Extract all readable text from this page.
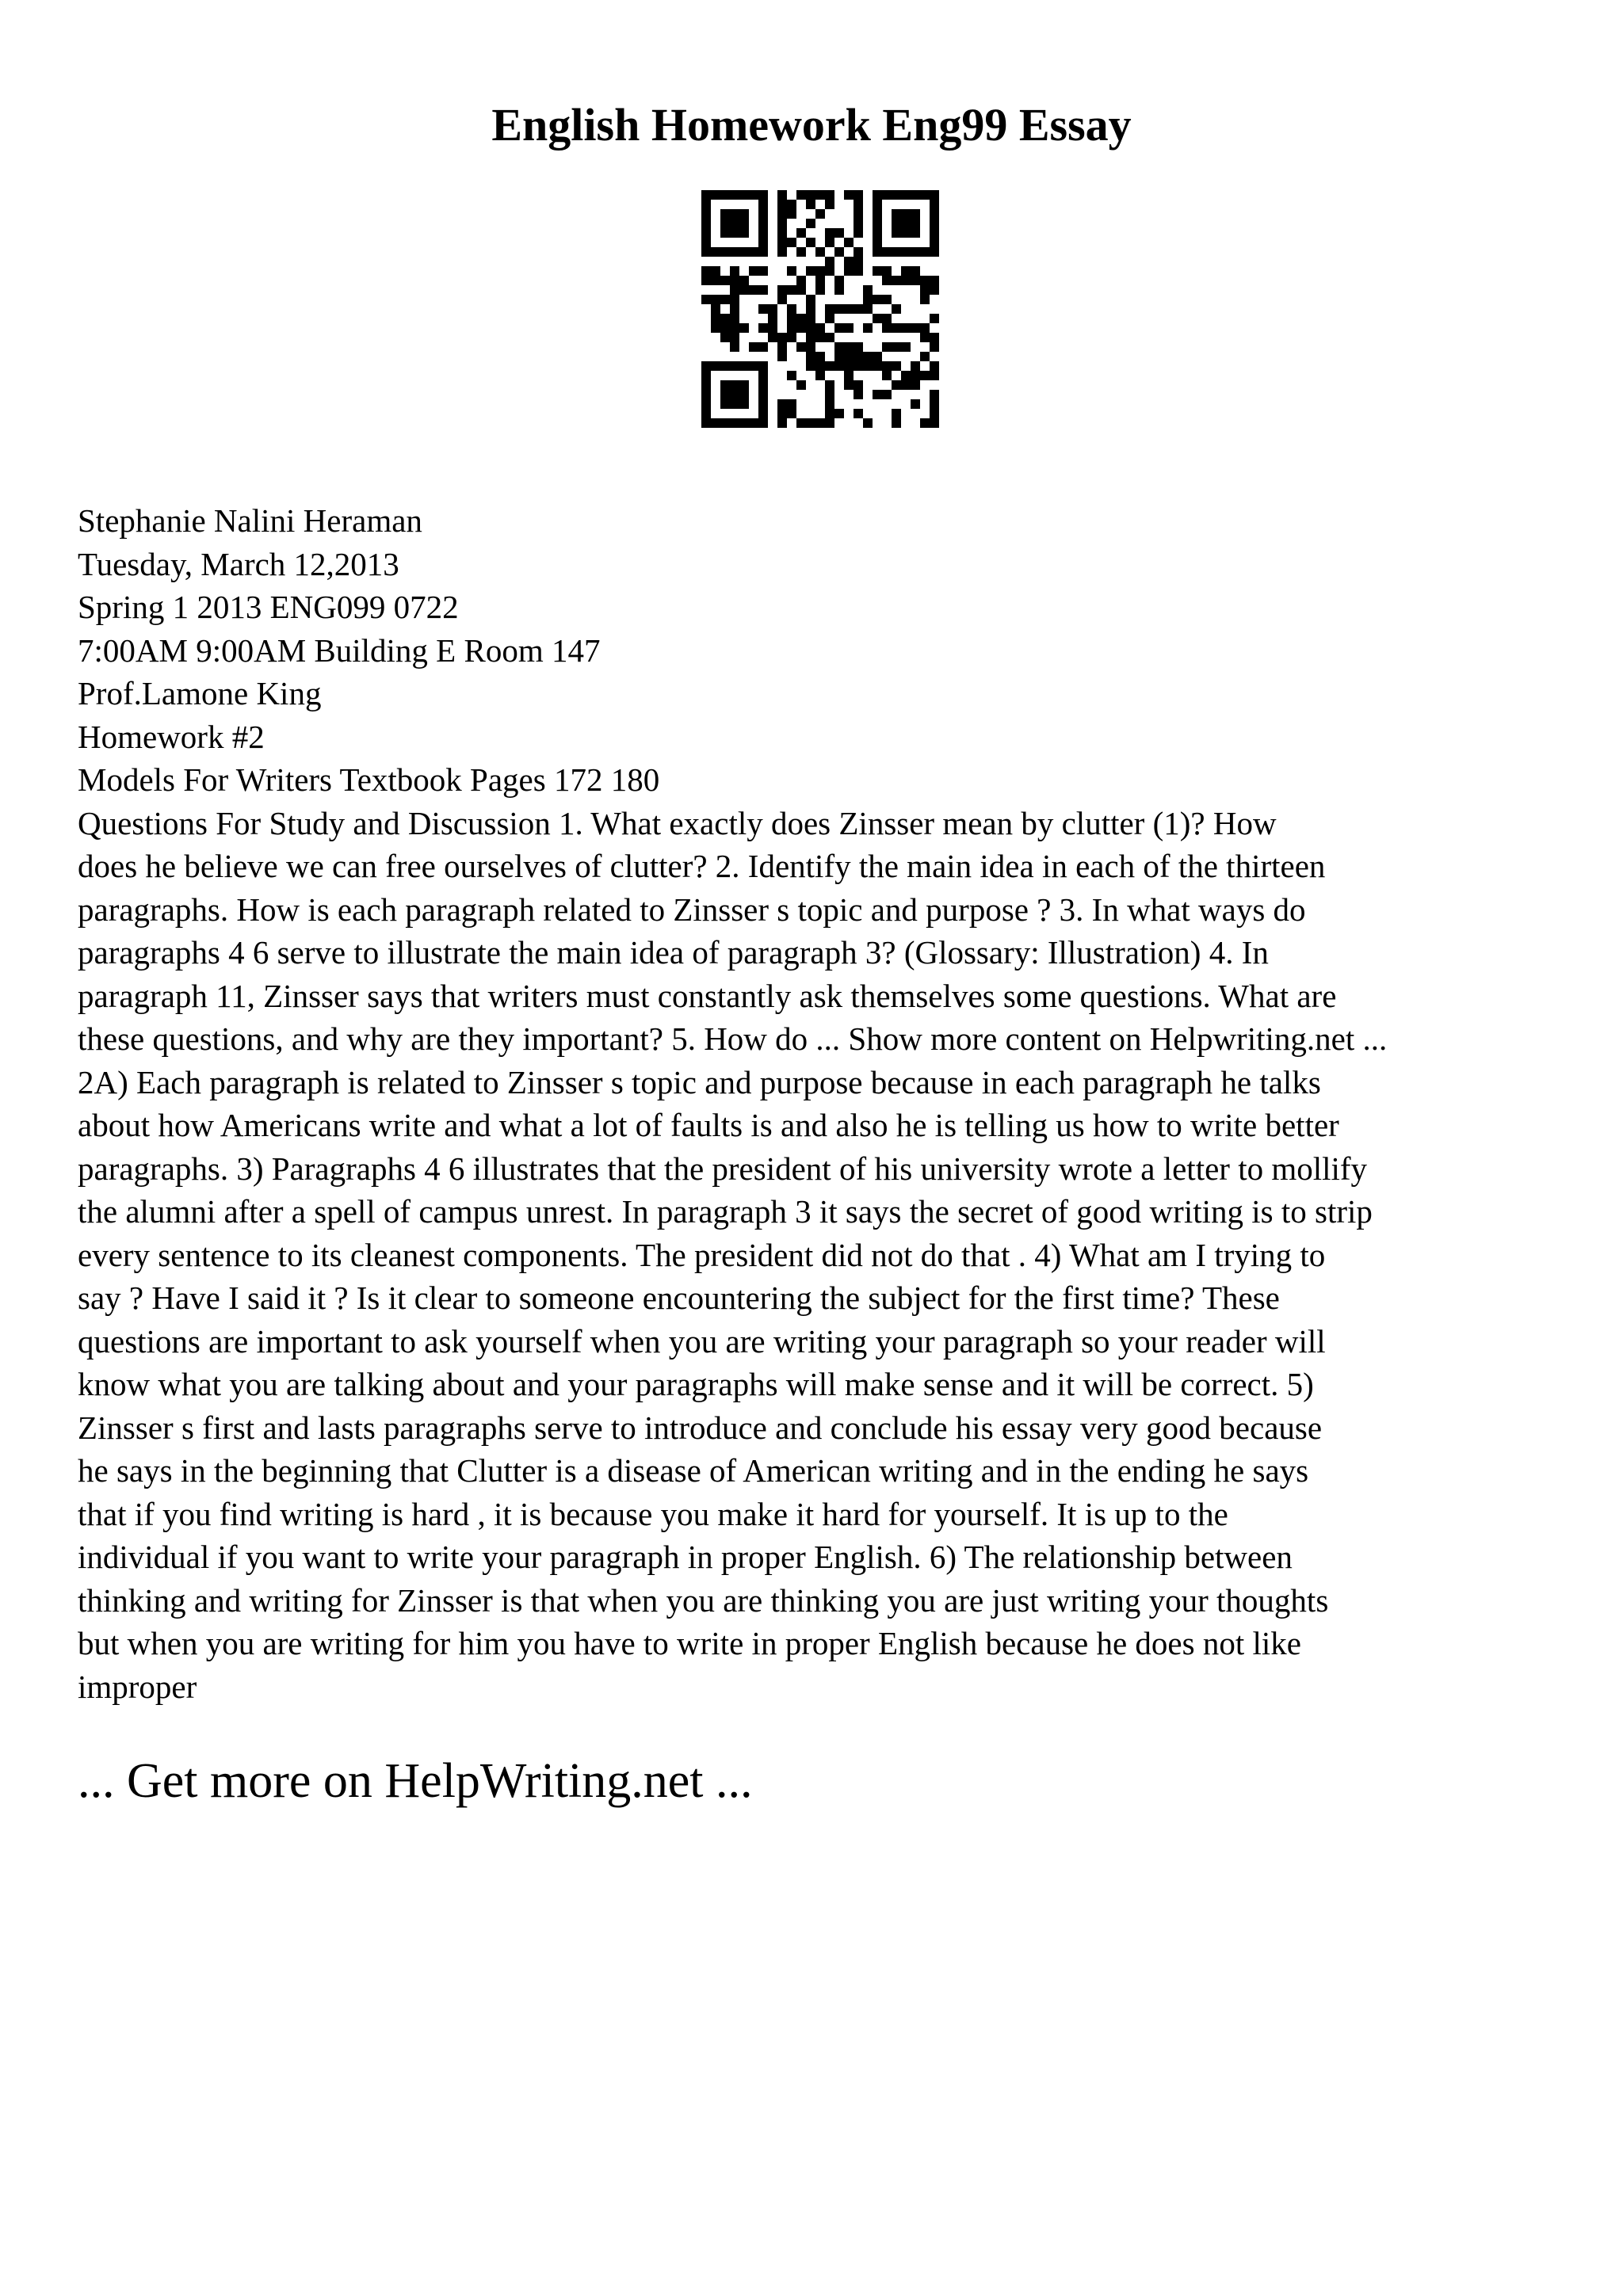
English Homework Eng99 Essay
Stephanie Nalini Heraman
Tuesday, March 12,2013
Spring 1 2013 ENG099 0722
7:00AM 9:00AM Building E Room 147
Prof.Lamone King
Homework #2
Models For Writers Textbook Pages 172 180
Questions For Study and Discussion 1. What exactly does Zinsser mean by clutter (1)? How
does he believe we can free ourselves of clutter? 2. Identify the main idea in each of the thirteen
paragraphs. How is each paragraph related to Zinsser s topic and purpose ? 3. In what ways do
paragraphs 4 6 serve to illustrate the main idea of paragraph 3? (Glossary: Illustration) 4. In
paragraph 11, Zinsser says that writers must constantly ask themselves some questions. What are
these questions, and why are they important? 5. How do ... Show more content on Helpwriting.net ...
2A) Each paragraph is related to Zinsser s topic and purpose because in each paragraph he talks
about how Americans write and what a lot of faults is and also he is telling us how to write better
paragraphs. 3) Paragraphs 4 6 illustrates that the president of his university wrote a letter to mollify
the alumni after a spell of campus unrest. In paragraph 3 it says the secret of good writing is to strip
every sentence to its cleanest components. The president did not do that . 4) What am I trying to
say ? Have I said it ? Is it clear to someone encountering the subject for the first time? These
questions are important to ask yourself when you are writing your paragraph so your reader will
know what you are talking about and your paragraphs will make sense and it will be correct. 5)
Zinsser s first and lasts paragraphs serve to introduce and conclude his essay very good because
he says in the beginning that Clutter is a disease of American writing and in the ending he says
that if you find writing is hard , it is because you make it hard for yourself. It is up to the
individual if you want to write your paragraph in proper English. 6) The relationship between
thinking and writing for Zinsser is that when you are thinking you are just writing your thoughts
but when you are writing for him you have to write in proper English because he does not like
improper
... Get more on HelpWriting.net ...
